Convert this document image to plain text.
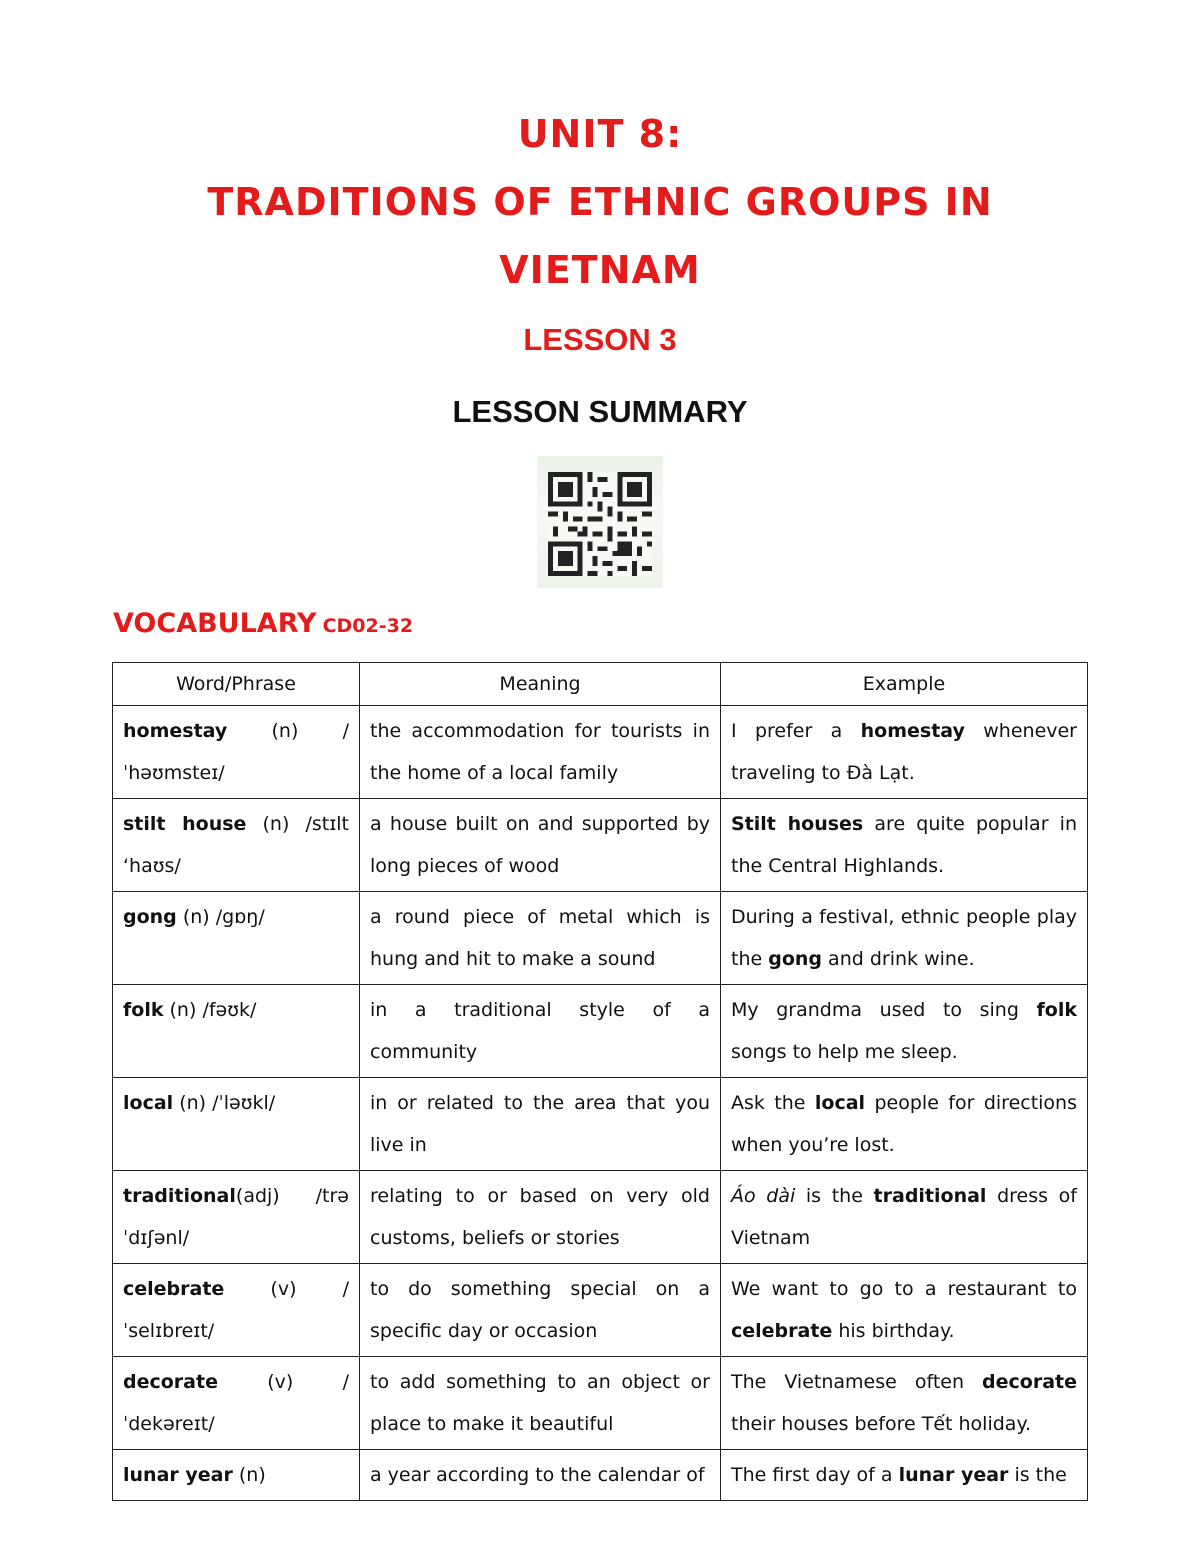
UNIT 8:
TRADITIONS OF ETHNIC GROUPS IN
VIETNAM
LESSON 3
LESSON SUMMARY
VOCABULARY CD02-32
Word/Phrase	Meaning	Example
homestay (n) /ˈhəʊmsteɪ/	the accommodation for tourists in the home of a local family	I prefer a homestay whenever traveling to Đà Lạt.
stilt house (n) /stɪlt ‘haʊs/	a house built on and supported by long pieces of wood	Stilt houses are quite popular in the Central Highlands.
gong (n) /gɒŋ/	a round piece of metal which is hung and hit to make a sound	During a festival, ethnic people play the gong and drink wine.
folk (n) /fəʊk/	in a traditional style of a community	My grandma used to sing folk songs to help me sleep.
local (n) /ˈləʊkl/	in or related to the area that you live in	Ask the local people for directions when you’re lost.
traditional(adj) /trə ˈdɪʃənl/	relating to or based on very old customs, beliefs or stories	Áo dài is the traditional dress of Vietnam
celebrate (v) /ˈselɪbreɪt/	to do something special on a specific day or occasion	We want to go to a restaurant to celebrate his birthday.
decorate (v) /ˈdekəreɪt/	to add something to an object or place to make it beautiful	The Vietnamese often decorate their houses before Tết holiday.
lunar year (n)	a year according to the calendar of	The first day of a lunar year is the
